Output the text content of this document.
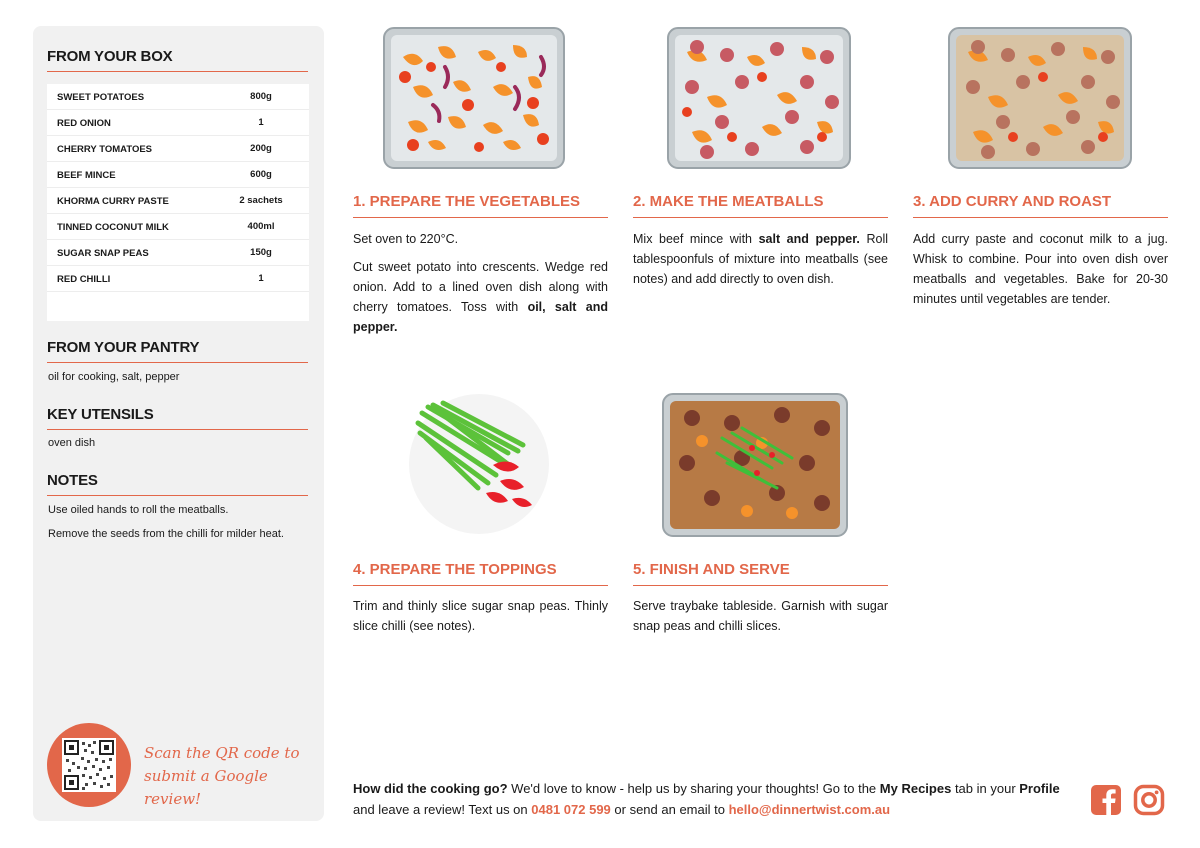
FROM YOUR BOX
SWEET POTATOES	800g
RED ONION	1
CHERRY TOMATOES	200g
BEEF MINCE	600g
KHORMA CURRY PASTE	2 sachets
TINNED COCONUT MILK	400ml
SUGAR SNAP PEAS	150g
RED CHILLI	1
FROM YOUR PANTRY
oil for cooking, salt, pepper
KEY UTENSILS
oven dish
NOTES
Use oiled hands to roll the meatballs.
Remove the seeds from the chilli for milder heat.
Scan the QR code to submit a Google review!
1. PREPARE THE VEGETABLES

Set oven to 220°C.

Cut sweet potato into crescents. Wedge red onion. Add to a lined oven dish along with cherry tomatoes. Toss with oil, salt and pepper.

2. MAKE THE MEATBALLS

Mix beef mince with salt and pepper. Roll tablespoonfuls of mixture into meatballs (see notes) and add directly to oven dish.

3. ADD CURRY AND ROAST

Add curry paste and coconut milk to a jug. Whisk to combine. Pour into oven dish over meatballs and vegetables. Bake for 20-30 minutes until vegetables are tender.

4. PREPARE THE TOPPINGS

Trim and thinly slice sugar snap peas. Thinly slice chilli (see notes).

5. FINISH AND SERVE

Serve traybake tableside. Garnish with sugar snap peas and chilli slices.

How did the cooking go? We'd love to know - help us by sharing your thoughts! Go to the My Recipes tab in your Profile and leave a review! Text us on 0481 072 599 or send an email to hello@dinnertwist.com.au
